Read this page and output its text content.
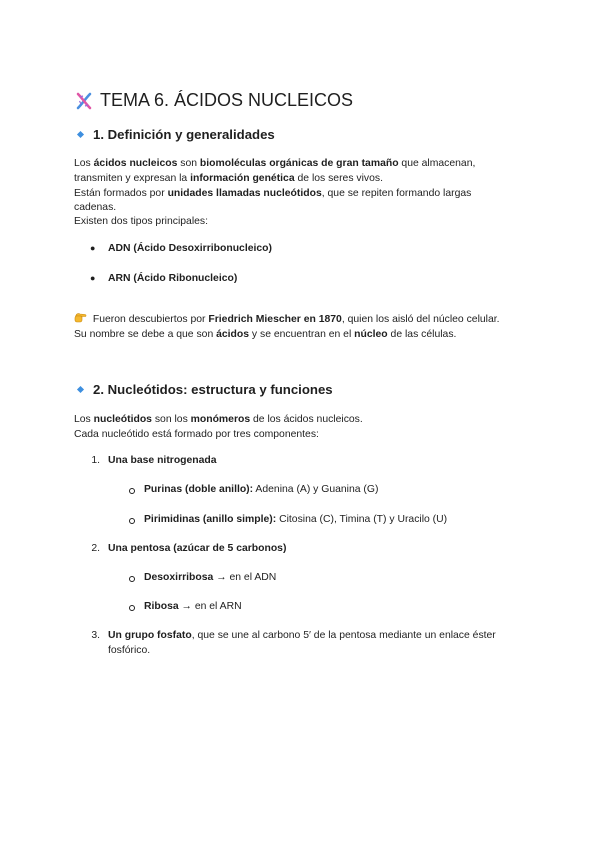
TEMA 6. ÁCIDOS NUCLEICOS
1. Definición y generalidades

Los ácidos nucleicos son biomoléculas orgánicas de gran tamaño que almacenan,

transmiten y expresan la información genética de los seres vivos.

Están formados por unidades llamadas nucleótidos, que se repiten formando largas

cadenas.

Existen dos tipos principales:

● ADN (Ácido Desoxirribonucleico)
● ARN (Ácido Ribonucleico)

Fueron descubiertos por Friedrich Miescher en 1870, quien los aisló del núcleo celular.

Su nombre se debe a que son ácidos y se encuentran en el núcleo de las células.

2. Nucleótidos: estructura y funciones

Los nucleótidos son los monómeros de los ácidos nucleicos.

Cada nucleótido está formado por tres componentes:

1. Una base nitrogenada
Purinas (doble anillo): Adenina (A) y Guanina (G)
Pirimidinas (anillo simple): Citosina (C), Timina (T) y Uracilo (U)
2. Una pentosa (azúcar de 5 carbonos)
Desoxirribosa → en el ADN
Ribosa → en el ARN
3. Un grupo fosfato, que se une al carbono 5′ de la pentosa mediante un enlace éster
fosfórico.
